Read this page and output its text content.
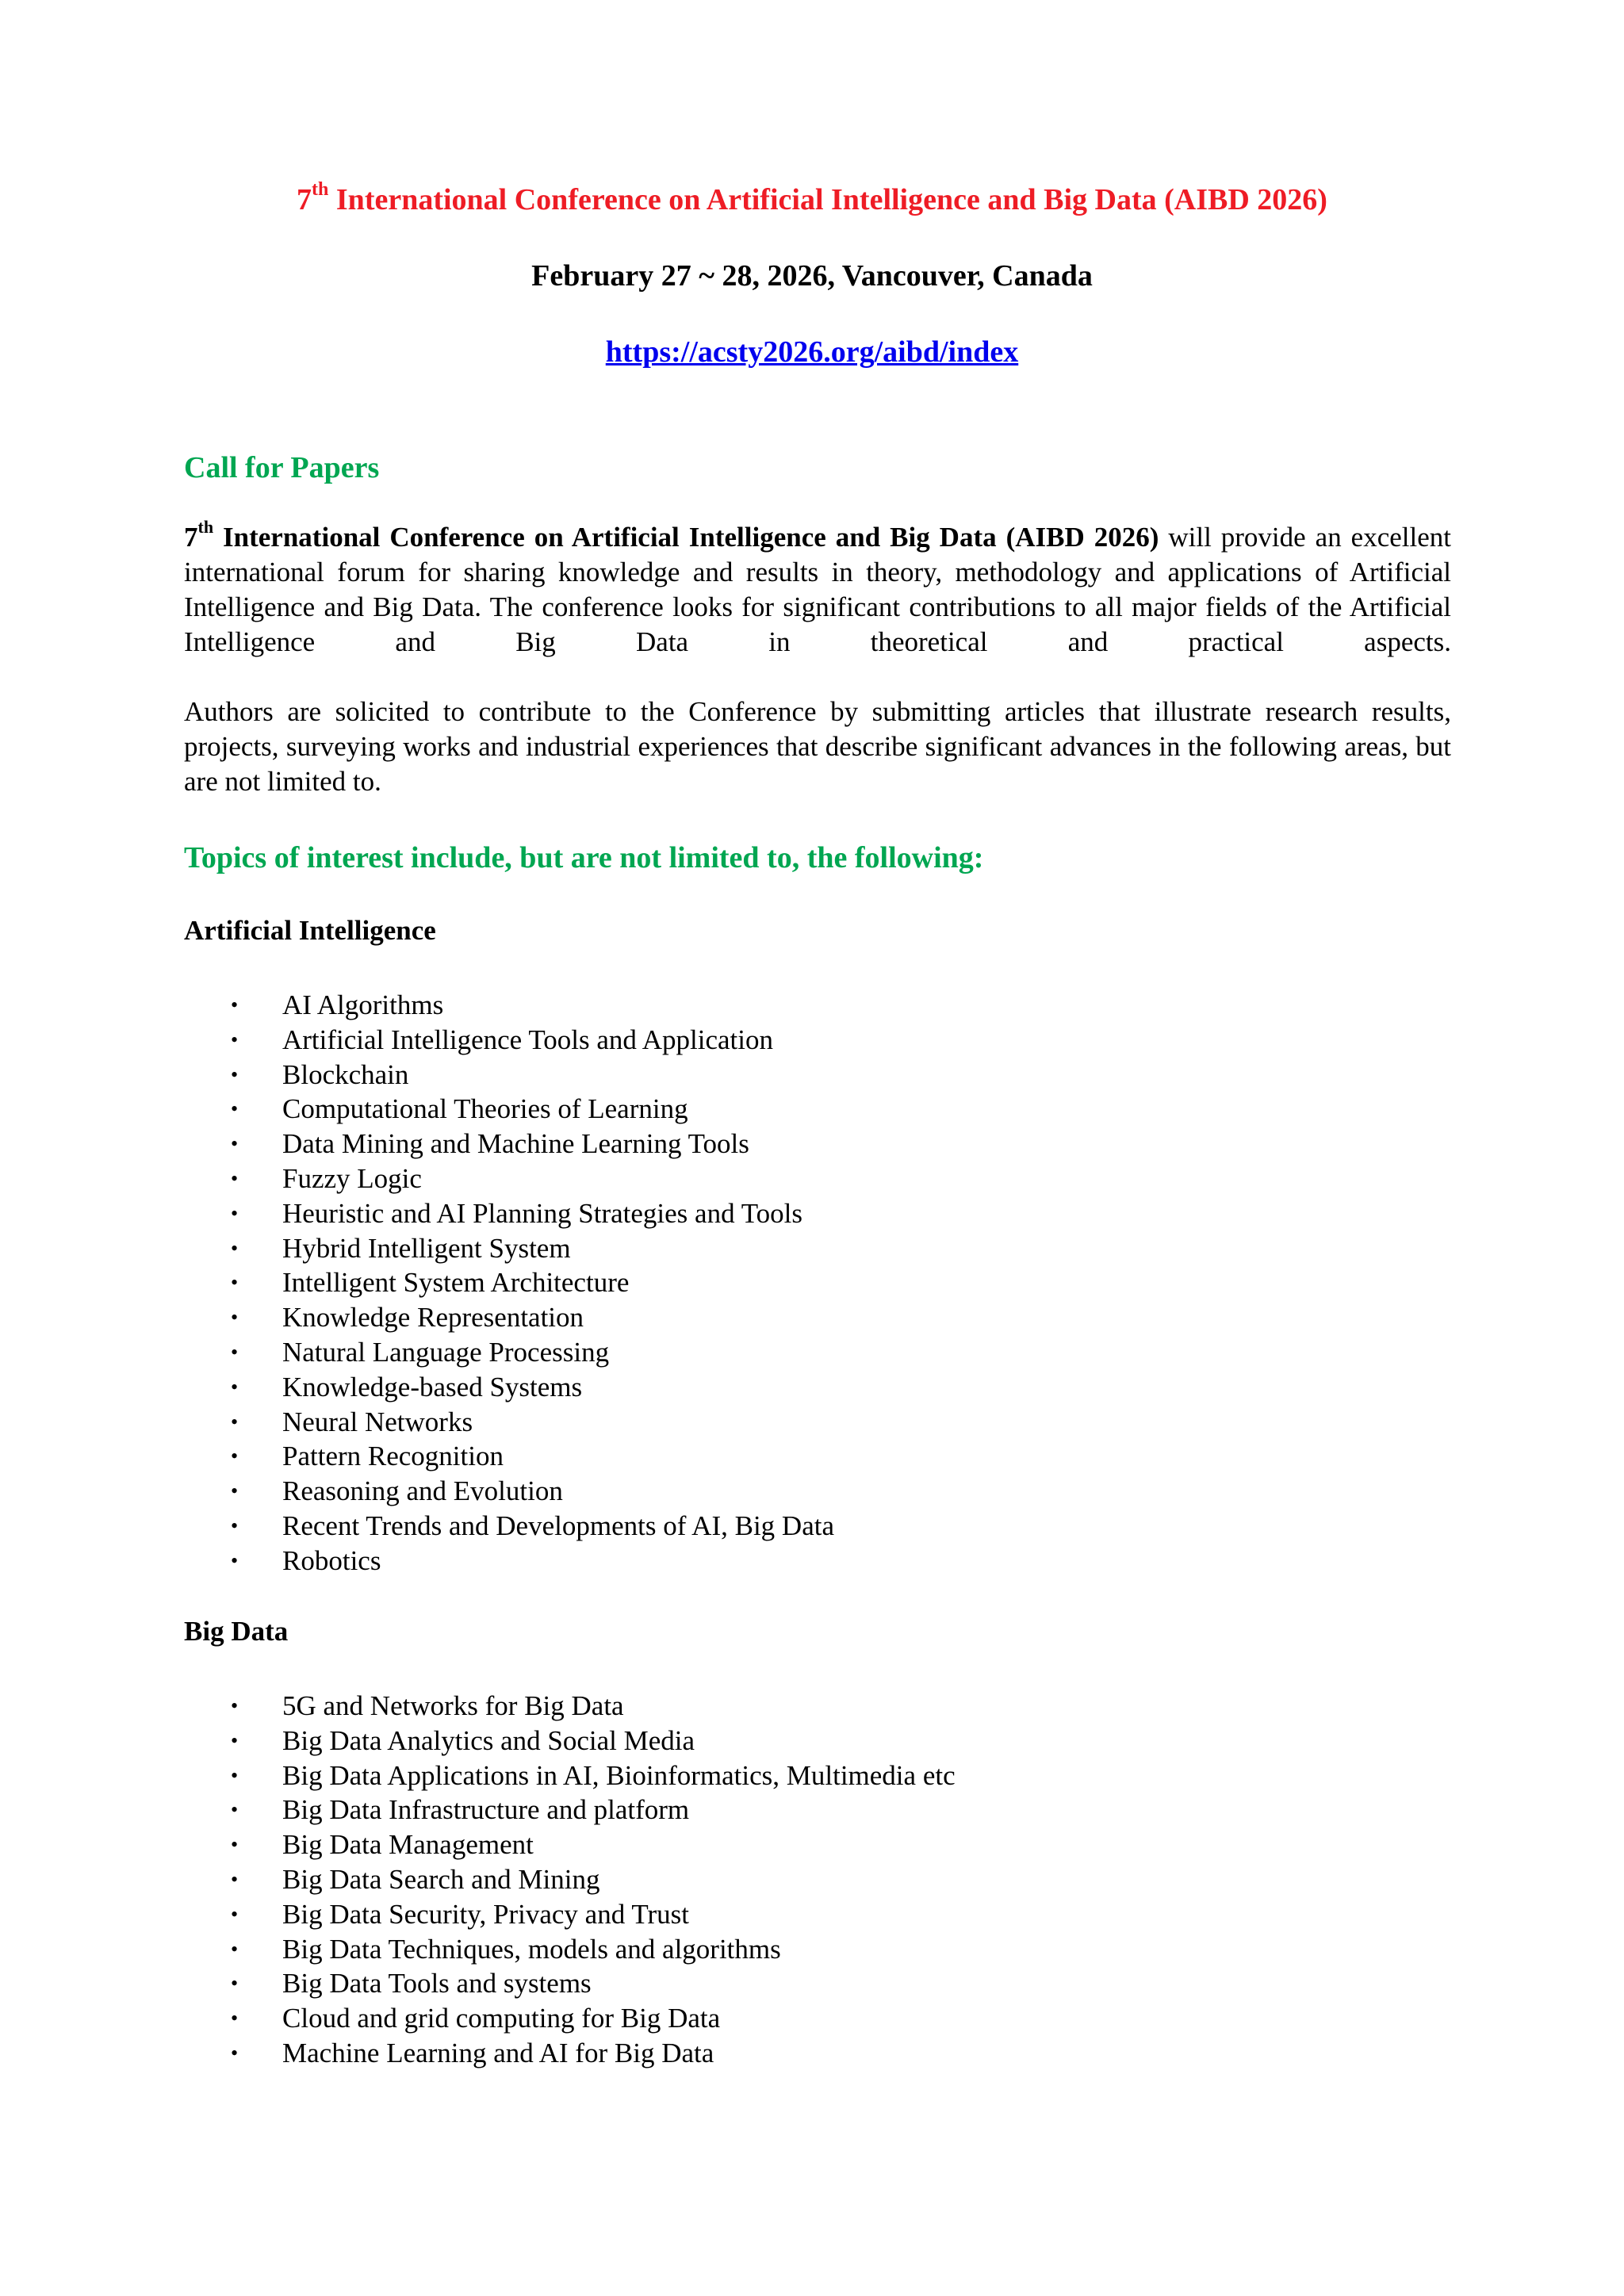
7th International Conference on Artificial Intelligence and Big Data (AIBD 2026)
February 27 ~ 28, 2026, Vancouver, Canada
https://acsty2026.org/aibd/index
Call for Papers
7th International Conference on Artificial Intelligence and Big Data (AIBD 2026) will provide an excellent international forum for sharing knowledge and results in theory, methodology and applications of Artificial Intelligence and Big Data. The conference looks for significant contributions to all major fields of the Artificial Intelligence and Big Data in theoretical and practical aspects.
Authors are solicited to contribute to the Conference by submitting articles that illustrate research results, projects, surveying works and industrial experiences that describe significant advances in the following areas, but are not limited to.
Topics of interest include, but are not limited to, the following:
Artificial Intelligence
• AI Algorithms
• Artificial Intelligence Tools and Application
• Blockchain
• Computational Theories of Learning
• Data Mining and Machine Learning Tools
• Fuzzy Logic
• Heuristic and AI Planning Strategies and Tools
• Hybrid Intelligent System
• Intelligent System Architecture
• Knowledge Representation
• Natural Language Processing
• Knowledge-based Systems
• Neural Networks
• Pattern Recognition
• Reasoning and Evolution
• Recent Trends and Developments of AI, Big Data
• Robotics
Big Data
• 5G and Networks for Big Data
• Big Data Analytics and Social Media
• Big Data Applications in AI, Bioinformatics, Multimedia etc
• Big Data Infrastructure and platform
• Big Data Management
• Big Data Search and Mining
• Big Data Security, Privacy and Trust
• Big Data Techniques, models and algorithms
• Big Data Tools and systems
• Cloud and grid computing for Big Data
• Machine Learning and AI for Big Data
